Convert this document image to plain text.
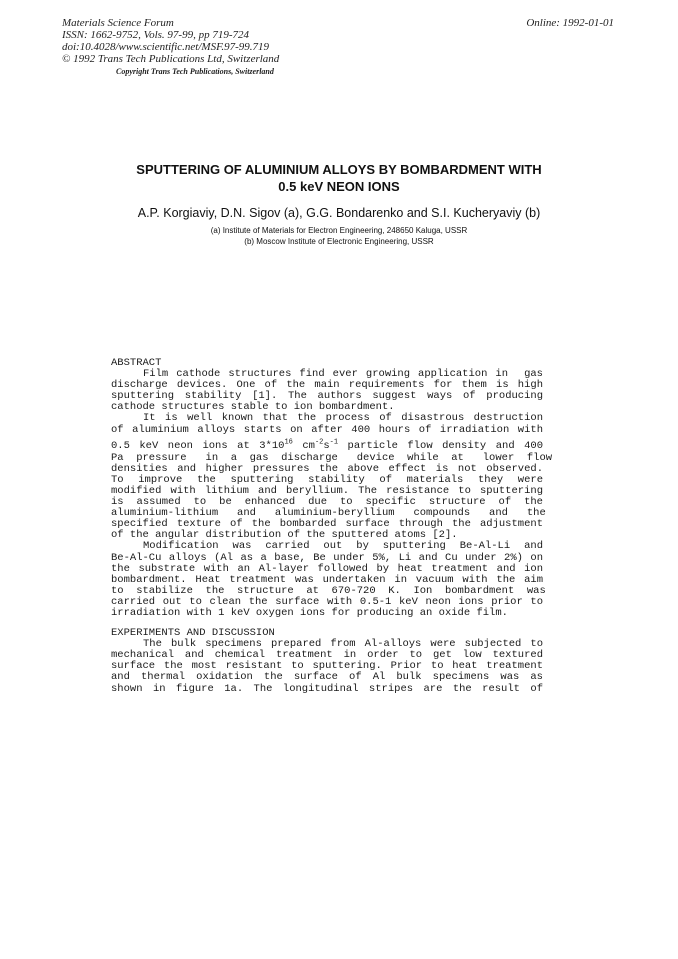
Materials Science Forum
ISSN: 1662-9752, Vols. 97-99, pp 719-724
doi:10.4028/www.scientific.net/MSF.97-99.719
© 1992 Trans Tech Publications Ltd, Switzerland
Online: 1992-01-01
Copyright Trans Tech Publications, Switzerland
SPUTTERING OF ALUMINIUM ALLOYS BY BOMBARDMENT WITH
0.5 keV NEON IONS
A.P. Korgiaviy, D.N. Sigov (a), G.G. Bondarenko and S.I. Kucheryaviy (b)
(a) Institute of Materials for Electron Engineering, 248650 Kaluga, USSR
(b) Moscow Institute of Electronic Engineering, USSR
ABSTRACT
Film cathode structures find ever growing application in  gas
discharge devices. One of the main requirements for them is high
sputtering stability [1]. The authors suggest ways of producing
cathode structures stable to ion bombardment.
It is well known that the process of disastrous destruction
of aluminium alloys starts on after 400 hours of irradiation with
0.5 keV neon ions at $3*10^{16}$ $cm^{-2}s^{-1}$ particle flow density and 400
Pa  pressure   in  a  gas  discharge   device  while  at   lower  flow
densities and higher pressures the above effect is not observed.
To  improve  the  sputtering  stability  of  materials  they  were
modified with lithium and beryllium. The resistance to sputtering
is  assumed  to  be  enhanced  due  to  specific  structure  of  the
aluminium-lithium   and   aluminium-beryllium   compounds   and   the
specified texture of the bombarded surface through the adjustment
of the angular distribution of the sputtered atoms [2].
Modification  was  carried  out  by  sputtering  Be-Al-Li  and
Be-Al-Cu alloys (Al as a base, Be under 5%, Li and Cu under 2%) on
the substrate with an Al-layer followed by heat treatment and ion
bombardment. Heat treatment was undertaken in vacuum with the aim
to  stabilize  the  structure  at  670-720  K.  Ion  bombardment  was
carried out to clean the surface with 0.5-1 keV neon ions prior to
irradiation with 1 keV oxygen ions for producing an oxide film.
EXPERIMENTS AND DISCUSSION
The bulk specimens prepared from Al-alloys were subjected to
mechanical and chemical treatment in order to get low textured
surface the most resistant to sputtering. Prior to heat treatment
and thermal oxidation the surface of Al bulk specimens was as
shown in figure 1a. The longitudinal stripes are the result of
